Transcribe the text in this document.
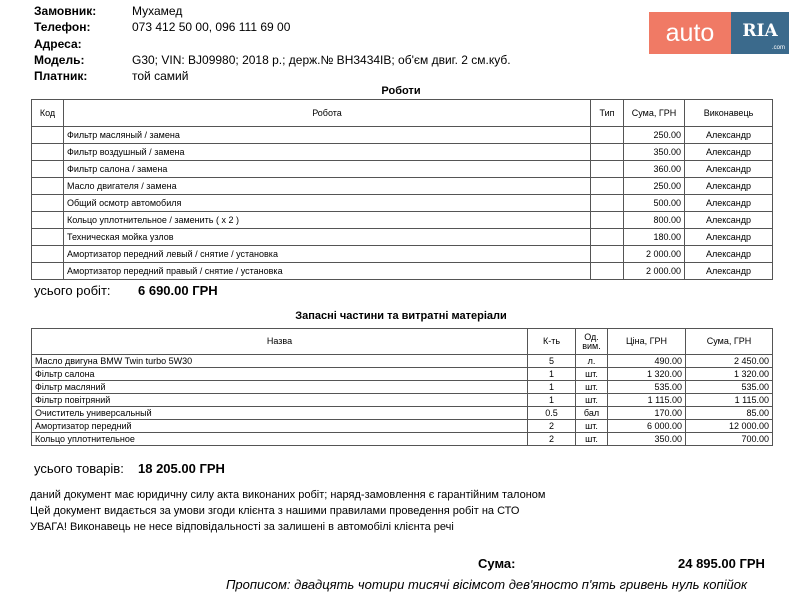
Замовник:	Мухамед
Телефон:	073 412 50 00, 096 111 69 00
Адреса:
Модель:	G30; VIN: BJ09980; 2018 р.; держ.№ ВН3434IB; об'єм двиг. 2 см.куб.
Платник:	той самий
auto	RIA
.com
Роботи
Код	Робота	Тип	Сума, ГРН	Виконавець
	Фильтр масляный / замена		250.00	Александр
	Фильтр воздушный / замена		350.00	Александр
	Фильтр салона / замена		360.00	Александр
	Масло двигателя / замена		250.00	Александр
	Общий осмотр автомобиля		500.00	Александр
	Кольцо уплотнительное / заменить ( x 2 )		800.00	Александр
	Техническая мойка узлов		180.00	Александр
	Амортизатор передний левый / снятие / установка		2 000.00	Александр
	Амортизатор передний правый / снятие / установка		2 000.00	Александр
усього робіт: 6 690.00 ГРН
Запасні частини та витратні матеріали
Назва	К-ть	Од. вим.	Ціна, ГРН	Сума, ГРН
Масло двигуна BMW Twin turbo 5W30	5	л.	490.00	2 450.00
Фільтр салона	1	шт.	1 320.00	1 320.00
Фільтр масляний	1	шт.	535.00	535.00
Фільтр повітряний	1	шт.	1 115.00	1 115.00
Очиститель универсальный	0.5	бал	170.00	85.00
Амортизатор передний	2	шт.	6 000.00	12 000.00
Кольцо уплотнительное	2	шт.	350.00	700.00
усього товарів: 18 205.00 ГРН
даний документ має юридичну силу акта виконаних робіт; наряд-замовлення є гарантійним талоном
Цей документ видається за умови згоди клієнта з нашими правилами проведення робіт на СТО
УВАГА! Виконавець не несе відповідальності за залишені в автомобілі клієнта речі
Сума:	24 895.00 ГРН
Прописом: двадцять чотири тисячі вісімсот дев'яносто п'ять гривень нуль копійок
